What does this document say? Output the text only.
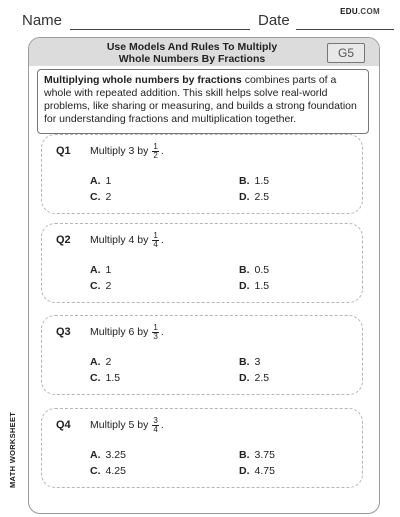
Name	Date
EDU.COM
Use Models And Rules To Multiply
Whole Numbers By Fractions	G5
Multiplying whole numbers by fractions combines parts of a whole with repeated addition. This skill helps solve real-world problems, like sharing or measuring, and builds a strong foundation for understanding fractions and multiplication together.
Q1 Multiply 3 by $\frac{1}{2}$ .
A. 1	B. 1.5
C. 2	D. 2.5
Q2 Multiply 4 by $\frac{1}{4}$ .
A. 1	B. 0.5
C. 2	D. 1.5
Q3 Multiply 6 by $\frac{1}{3}$ .
A. 2	B. 3
C. 1.5	D. 2.5
Q4 Multiply 5 by $\frac{3}{4}$ .
A. 3.25	B. 3.75
C. 4.25	D. 4.75
MATH WORKSHEET
